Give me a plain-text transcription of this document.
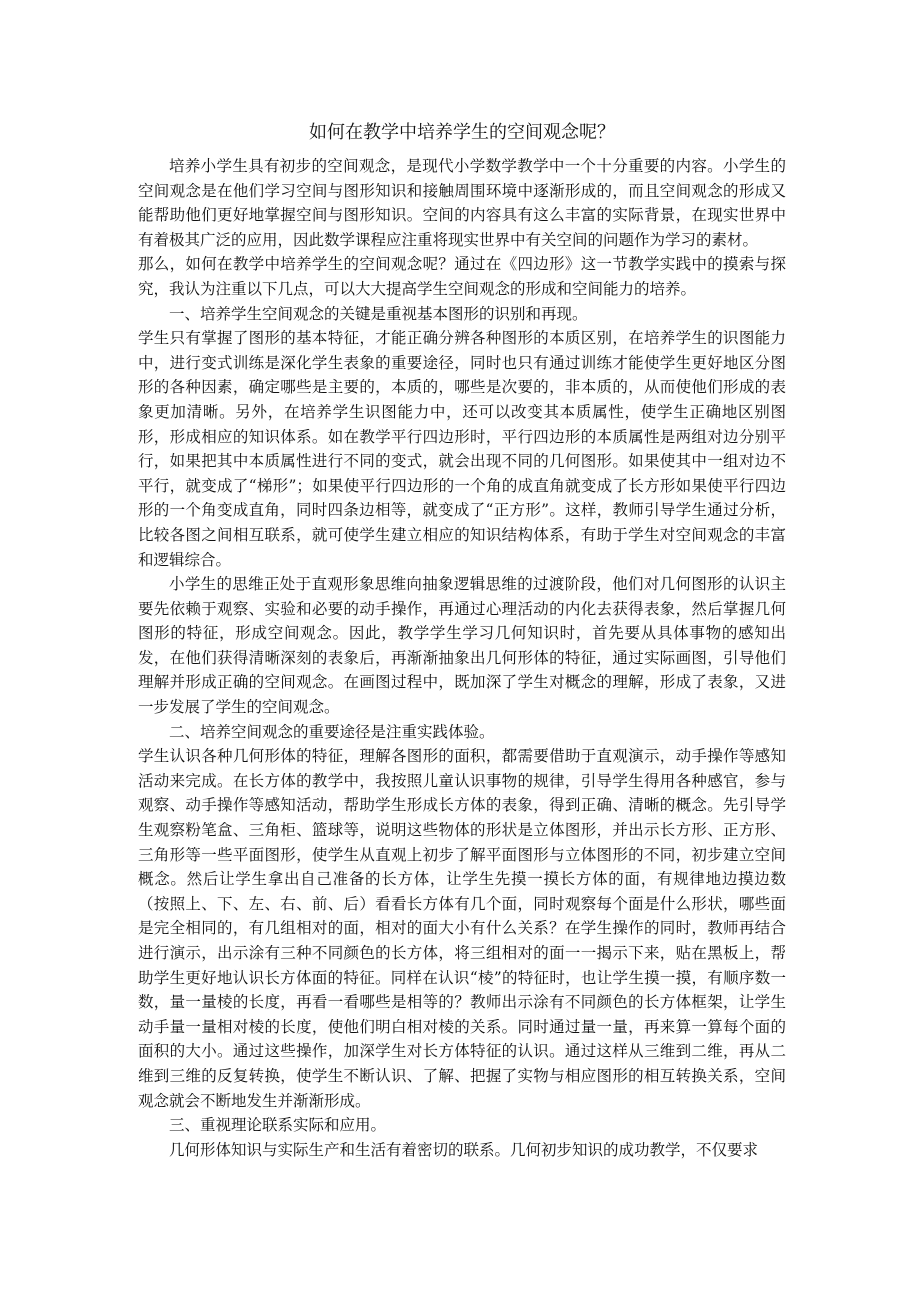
如何在教学中培养学生的空间观念呢？

培养小学生具有初步的空间观念，是现代小学数学教学中一个十分重要的内容。小学生的空间观念是在他们学习空间与图形知识和接触周围环境中逐渐形成的，而且空间观念的形成又能帮助他们更好地掌握空间与图形知识。空间的内容具有这么丰富的实际背景，在现实世界中有着极其广泛的应用，因此数学课程应注重将现实世界中有关空间的问题作为学习的素材。

那么，如何在教学中培养学生的空间观念呢？通过在《四边形》这一节教学实践中的摸索与探究，我认为注重以下几点，可以大大提高学生空间观念的形成和空间能力的培养。

一、培养学生空间观念的关键是重视基本图形的识别和再现。

学生只有掌握了图形的基本特征，才能正确分辨各种图形的本质区别，在培养学生的识图能力中，进行变式训练是深化学生表象的重要途径，同时也只有通过训练才能使学生更好地区分图形的各种因素，确定哪些是主要的，本质的，哪些是次要的，非本质的，从而使他们形成的表象更加清晰。另外，在培养学生识图能力中，还可以改变其本质属性，使学生正确地区别图形，形成相应的知识体系。如在教学平行四边形时，平行四边形的本质属性是两组对边分别平行，如果把其中本质属性进行不同的变式，就会出现不同的几何图形。如果使其中一组对边不平行，就变成了“梯形”；如果使平行四边形的一个角的成直角就变成了长方形如果使平行四边形的一个角变成直角，同时四条边相等，就变成了“正方形”。这样，教师引导学生通过分析，比较各图之间相互联系，就可使学生建立相应的知识结构体系，有助于学生对空间观念的丰富和逻辑综合。

小学生的思维正处于直观形象思维向抽象逻辑思维的过渡阶段，他们对几何图形的认识主要先依赖于观察、实验和必要的动手操作，再通过心理活动的内化去获得表象，然后掌握几何图形的特征，形成空间观念。因此，教学学生学习几何知识时，首先要从具体事物的感知出发，在他们获得清晰深刻的表象后，再渐渐抽象出几何形体的特征，通过实际画图，引导他们理解并形成正确的空间观念。在画图过程中，既加深了学生对概念的理解，形成了表象，又进一步发展了学生的空间观念。

二、培养空间观念的重要途径是注重实践体验。

学生认识各种几何形体的特征，理解各图形的面积，都需要借助于直观演示，动手操作等感知活动来完成。在长方体的教学中，我按照儿童认识事物的规律，引导学生得用各种感官，参与观察、动手操作等感知活动，帮助学生形成长方体的表象，得到正确、清晰的概念。先引导学生观察粉笔盒、三角柜、篮球等，说明这些物体的形状是立体图形，并出示长方形、正方形、三角形等一些平面图形，使学生从直观上初步了解平面图形与立体图形的不同，初步建立空间概念。然后让学生拿出自己准备的长方体，让学生先摸一摸长方体的面，有规律地边摸边数（按照上、下、左、右、前、后）看看长方体有几个面，同时观察每个面是什么形状，哪些面是完全相同的，有几组相对的面，相对的面大小有什么关系？在学生操作的同时，教师再结合进行演示，出示涂有三种不同颜色的长方体，将三组相对的面一一揭示下来，贴在黑板上，帮助学生更好地认识长方体面的特征。同样在认识“棱”的特征时，也让学生摸一摸，有顺序数一数，量一量棱的长度，再看一看哪些是相等的？教师出示涂有不同颜色的长方体框架，让学生动手量一量相对棱的长度，使他们明白相对棱的关系。同时通过量一量，再来算一算每个面的面积的大小。通过这些操作，加深学生对长方体特征的认识。通过这样从三维到二维，再从二维到三维的反复转换，使学生不断认识、了解、把握了实物与相应图形的相互转换关系，空间观念就会不断地发生并渐渐形成。

三、重视理论联系实际和应用。

几何形体知识与实际生产和生活有着密切的联系。几何初步知识的成功教学，不仅要求
